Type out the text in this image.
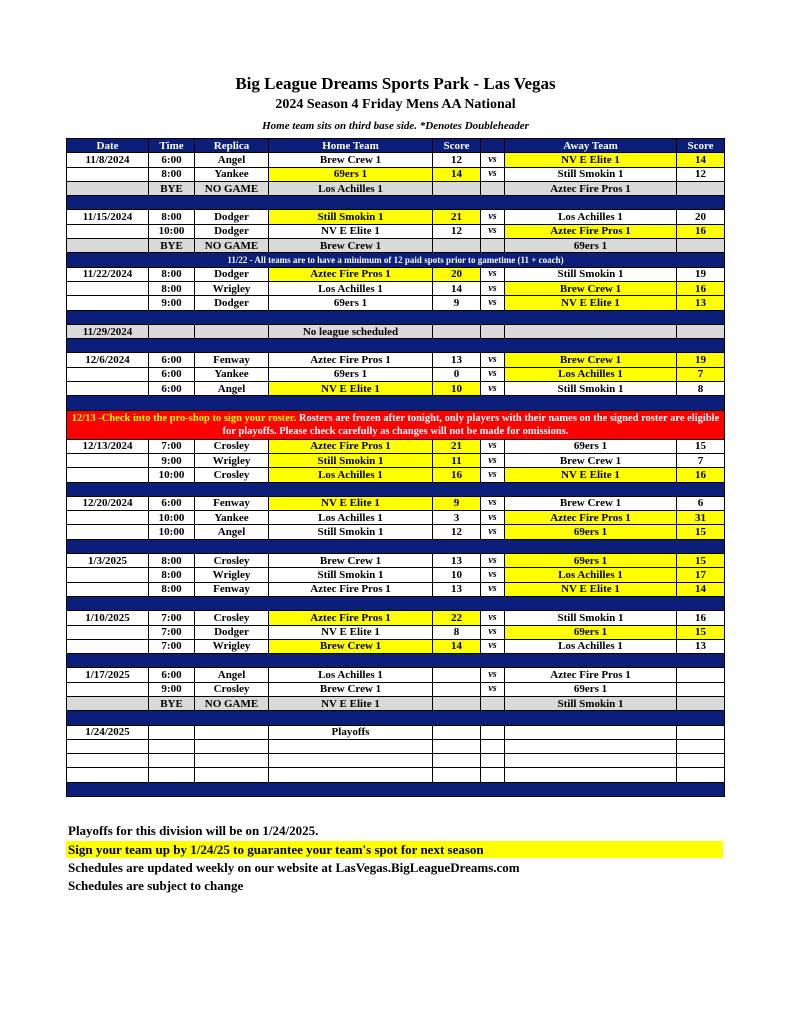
Big League Dreams Sports Park - Las Vegas
2024 Season 4 Friday Mens AA National
Home team sits on third base side. *Denotes Doubleheader
Date	Time	Replica	Home Team	Score		Away Team	Score
11/8/2024	6:00	Angel	Brew Crew 1	12	vs	NV E Elite 1	14
	8:00	Yankee	69ers 1	14	vs	Still Smokin 1	12
	BYE	NO GAME	Los Achilles 1			Aztec Fire Pros 1	

11/15/2024	8:00	Dodger	Still Smokin 1	21	vs	Los Achilles 1	20
	10:00	Dodger	NV E Elite 1	12	vs	Aztec Fire Pros 1	16
	BYE	NO GAME	Brew Crew 1			69ers 1	
11/22 - All teams are to have a minimum of 12 paid spots prior to gametime (11 + coach)							
11/22/2024	8:00	Dodger	Aztec Fire Pros 1	20	vs	Still Smokin 1	19
	8:00	Wrigley	Los Achilles 1	14	vs	Brew Crew 1	16
	9:00	Dodger	69ers 1	9	vs	NV E Elite 1	13

11/29/2024			No league scheduled				

12/6/2024	6:00	Fenway	Aztec Fire Pros 1	13	vs	Brew Crew 1	19
	6:00	Yankee	69ers 1	0	vs	Los Achilles 1	7
	6:00	Angel	NV E Elite 1	10	vs	Still Smokin 1	8

12/13 -Check into the pro-shop to sign your roster. Rosters are frozen after tonight, only players with their names on the signed roster are eligible for playoffs. Please check carefully as changes will not be made for omissions.							
12/13/2024	7:00	Crosley	Aztec Fire Pros 1	21	vs	69ers 1	15
	9:00	Wrigley	Still Smokin 1	11	vs	Brew Crew 1	7
	10:00	Crosley	Los Achilles 1	16	vs	NV E Elite 1	16

12/20/2024	6:00	Fenway	NV E Elite 1	9	vs	Brew Crew 1	6
	10:00	Yankee	Los Achilles 1	3	vs	Aztec Fire Pros 1	31
	10:00	Angel	Still Smokin 1	12	vs	69ers 1	15

1/3/2025	8:00	Crosley	Brew Crew 1	13	vs	69ers 1	15
	8:00	Wrigley	Still Smokin 1	10	vs	Los Achilles 1	17
	8:00	Fenway	Aztec Fire Pros 1	13	vs	NV E Elite 1	14

1/10/2025	7:00	Crosley	Aztec Fire Pros 1	22	vs	Still Smokin 1	16
	7:00	Dodger	NV E Elite 1	8	vs	69ers 1	15
	7:00	Wrigley	Brew Crew 1	14	vs	Los Achilles 1	13

1/17/2025	6:00	Angel	Los Achilles 1		vs	Aztec Fire Pros 1	
	9:00	Crosley	Brew Crew 1		vs	69ers 1	
	BYE	NO GAME	NV E Elite 1			Still Smokin 1	

1/24/2025			Playoffs				

Playoffs for this division will be on 1/24/2025.
Sign your team up by 1/24/25 to guarantee your team's spot for next season
Schedules are updated weekly on our website at LasVegas.BigLeagueDreams.com
Schedules are subject to change
